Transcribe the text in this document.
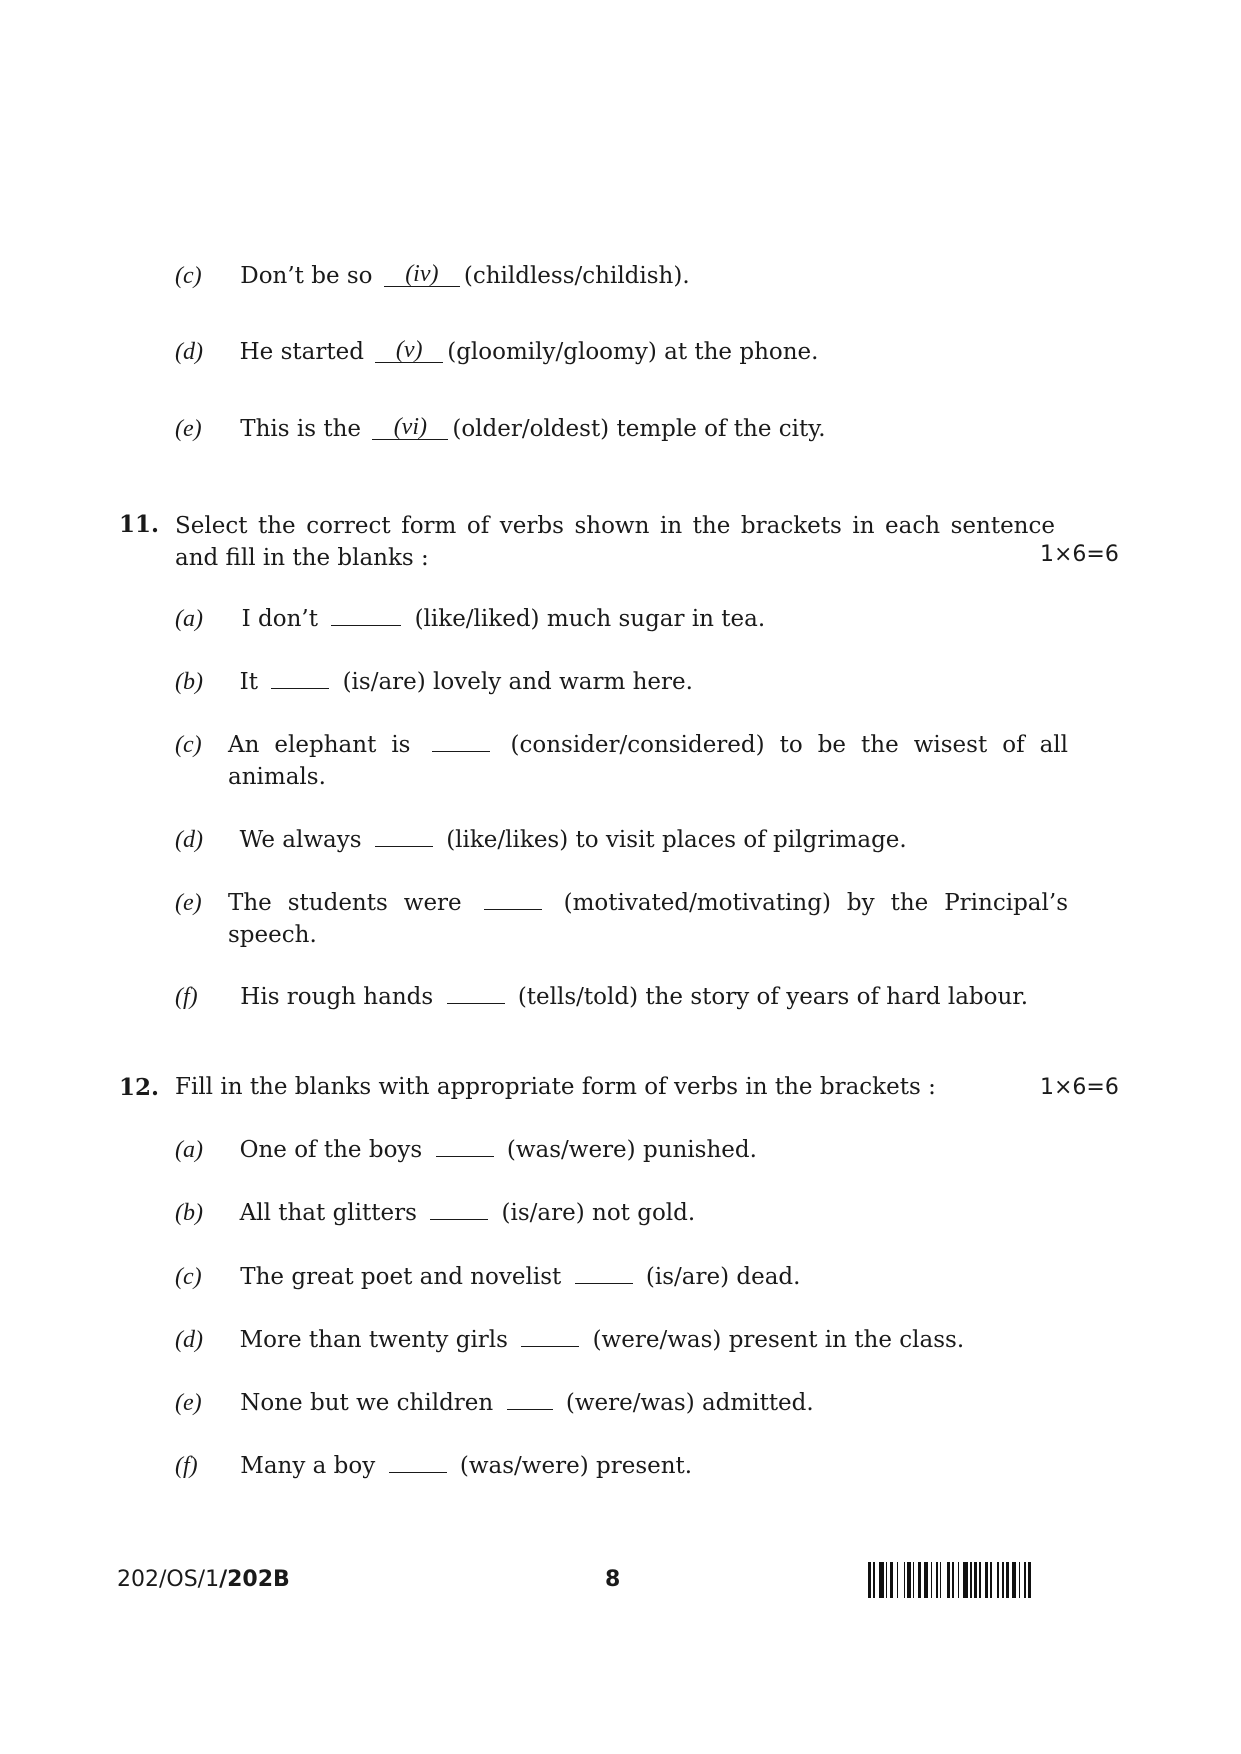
(c) Don’t be so (iv) (childless/childish).
(d) He started (v) (gloomily/gloomy) at the phone.
(e) This is the (vi) (older/oldest) temple of the city.
11. Select the correct form of verbs shown in the brackets in each sentence and fill in the blanks :	1×6=6
(a) I don’t	(like/liked) much sugar in tea.
(b) It	(is/are) lovely and warm here.
(c) An elephant is	(consider/considered) to be the wisest of all animals.
(d) We always	(like/likes) to visit places of pilgrimage.
(e) The students were	(motivated/motivating) by the Principal’s speech.
(f) His rough hands	(tells/told) the story of years of hard labour.
12. Fill in the blanks with appropriate form of verbs in the brackets :	1×6=6
(a) One of the boys	(was/were) punished.
(b) All that glitters	(is/are) not gold.
(c) The great poet and novelist	(is/are) dead.
(d) More than twenty girls	(were/was) present in the class.
(e) None but we children	(were/was) admitted.
(f) Many a boy	(was/were) present.
202/OS/1/202B	8
